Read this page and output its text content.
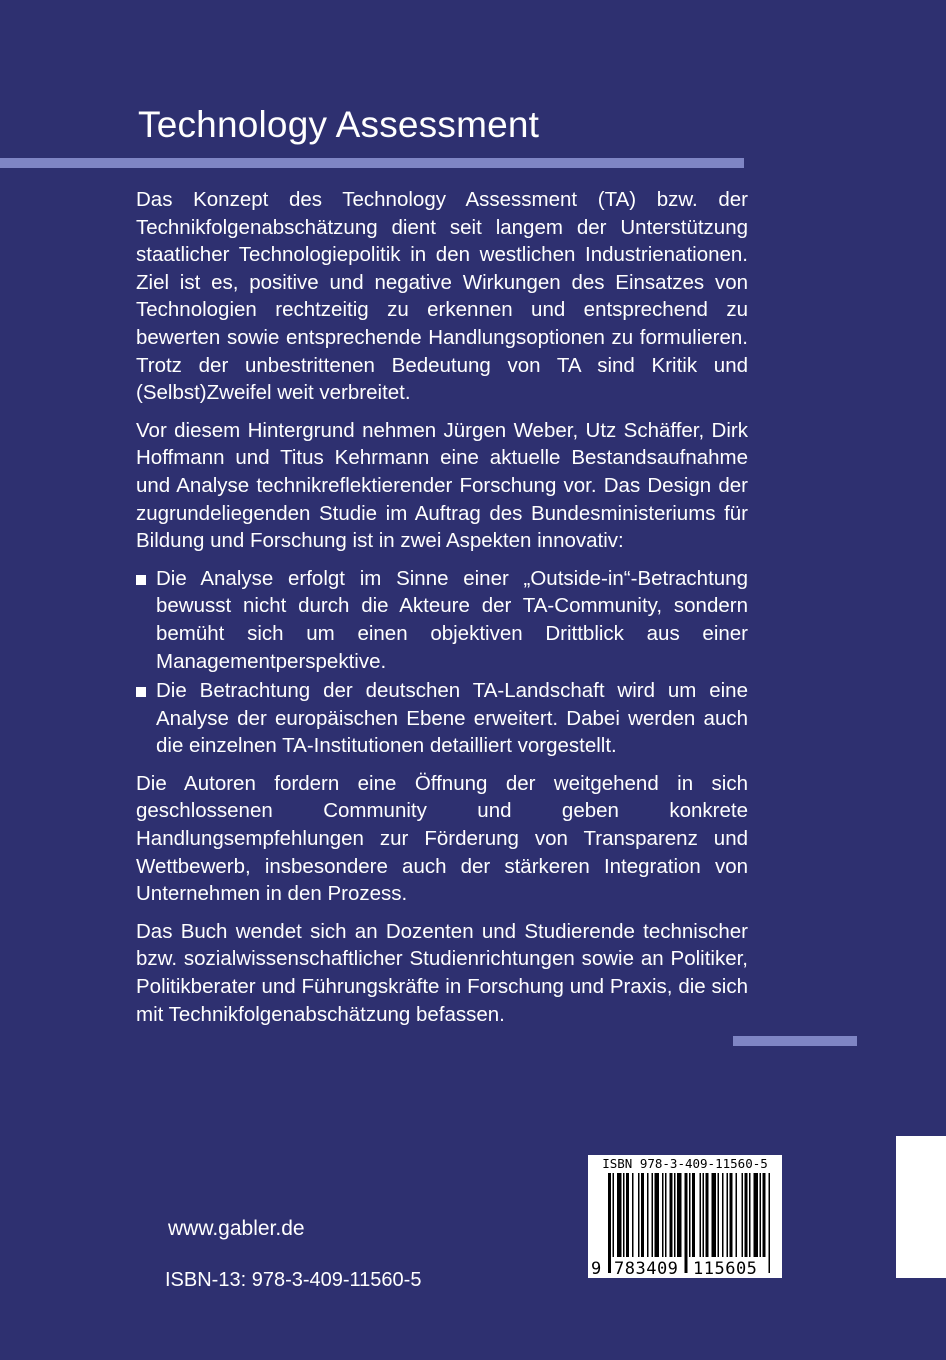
Technology Assessment

Das Konzept des Technology Assessment (TA) bzw. der Technikfolgenabschätzung dient seit langem der Unterstützung staatlicher Technologiepolitik in den westlichen Industrienationen. Ziel ist es, positive und negative Wirkungen des Einsatzes von Technologien rechtzeitig zu erkennen und entsprechend zu bewerten sowie entsprechende Handlungsoptionen zu formulieren. Trotz der unbestrittenen Bedeutung von TA sind Kritik und (Selbst)Zweifel weit verbreitet.

Vor diesem Hintergrund nehmen Jürgen Weber, Utz Schäffer, Dirk Hoffmann und Titus Kehrmann eine aktuelle Bestandsaufnahme und Analyse technikreflektierender Forschung vor. Das Design der zugrundeliegenden Studie im Auftrag des Bundesministeriums für Bildung und Forschung ist in zwei Aspekten innovativ:

Die Analyse erfolgt im Sinne einer „Outside-in“-Betrachtung bewusst nicht durch die Akteure der TA-Community, sondern bemüht sich um einen objektiven Drittblick aus einer Managementperspektive.
Die Betrachtung der deutschen TA-Landschaft wird um eine Analyse der europäischen Ebene erweitert. Dabei werden auch die einzelnen TA-Institutionen detailliert vorgestellt.

Die Autoren fordern eine Öffnung der weitgehend in sich geschlossenen Community und geben konkrete Handlungsempfehlungen zur Förderung von Transparenz und Wettbewerb, insbesondere auch der stärkeren Integration von Unternehmen in den Prozess.

Das Buch wendet sich an Dozenten und Studierende technischer bzw. sozialwissenschaftlicher Studienrichtungen sowie an Politiker, Politikberater und Führungskräfte in Forschung und Praxis, die sich mit Technikfolgenabschätzung befassen.

ISBN 978-3-409-11560-5
9 783409 115605
www.gabler.de
ISBN-13: 978-3-409-11560-5
